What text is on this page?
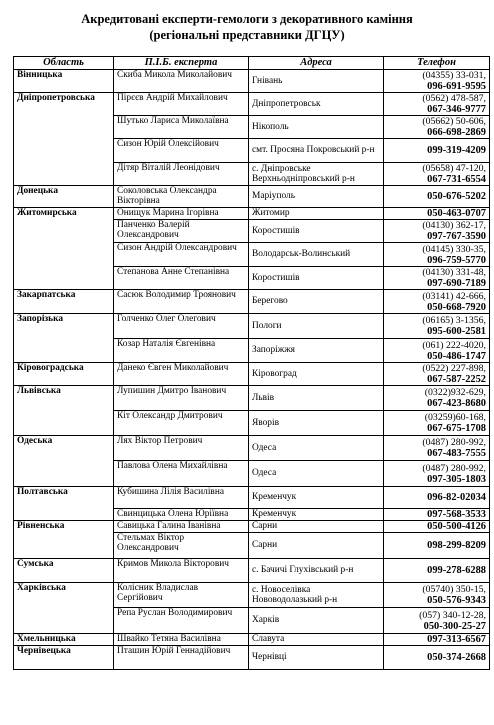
Акредитовані експерти-гемологи з декоративного каміння
(регіональні представники ДГЦУ)
Область	П.І.Б. експерта	Адреса	Телефон
Вінницька	Скиба Микола Миколайович	Гнівань	(04355) 33-031,
096-691-9595

Дніпропетровська	Пірєєв Андрій Михайлович	Дніпропетровськ	(0562) 478-587,
067-346-9777

	Шутько Лариса Миколаївна	Нікополь	(05662) 50-606,
066-698-2869

	Сизон Юрій Олексійович	смт. Просяна Покровський р-н	099-319-4209

	Дітяр Віталій Леонідович	с. Дніпровське Верхньодніпровський р-н	(05658) 47-120,
067-731-6554

Донецька	Соколовська Олександра Вікторівна	Маріуполь	050-676-5202

Житомирська	Онищук Марина Ігорівна	Житомир	050-463-0707

	Панченко Валерій Олександрович	Коростишів	(04130) 362-17,
097-767-3590

	Сизон Андрій Олександрович	Володарськ-Волинський	(04145) 330-35,
096-759-5770

	Степанова Анне Степанівна	Коростишів	(04130) 331-48,
097-690-7189

Закарпатська	Сасюк Володимир Троянович	Берегово	(03141) 42-666,
050-668-7920

Запорізька	Голченко Олег Олегович	Пологи	(06165) 3-1356,
095-600-2581

	Козар Наталія Євгенівна	Запоріжжя	(061) 222-4020,
050-486-1747

Кіровоградська	Данеко Євген Миколайович	Кіровоград	(0522) 227-898,
067-587-2252

Львівська	Лупишин Дмитро Іванович	Львів	(0322)932-629,
067-423-8680

	Кіт Олександр Дмитрович	Яворів	(03259)60-168,
067-675-1708

Одеська	Лях Віктор Петрович	Одеса	(0487) 280-992,
067-483-7555

	Павлова Олена Михайлівна	Одеса	(0487) 280-992,
097-305-1803

Полтавська	Кубишина Лілія Василівна	Кременчук	096-82-02034

	Свинцицька Олена Юріївна	Кременчук	097-568-3533

Рівненська	Савицька Галина Іванівна	Сарни	050-500-4126

	Стельмах Віктор Олександрович	Сарни	098-299-8209

Сумська	Кримов Микола Вікторович	с. Бачичі Глухівський р-н	099-278-6288

Харківська	Колісник Владислав Сергійович	с. Новоселівка Нововодолазький р-н	(05740) 350-15,
050-576-9343

	Репа Руслан Володимирович	Харків	(057) 340-12-28,
050-300-25-27

Хмельницька	Швайко Тетяна Василівна	Славута	097-313-6567

Чернівецька	Пташин Юрій Геннадійович	Чернівці	050-374-2668
